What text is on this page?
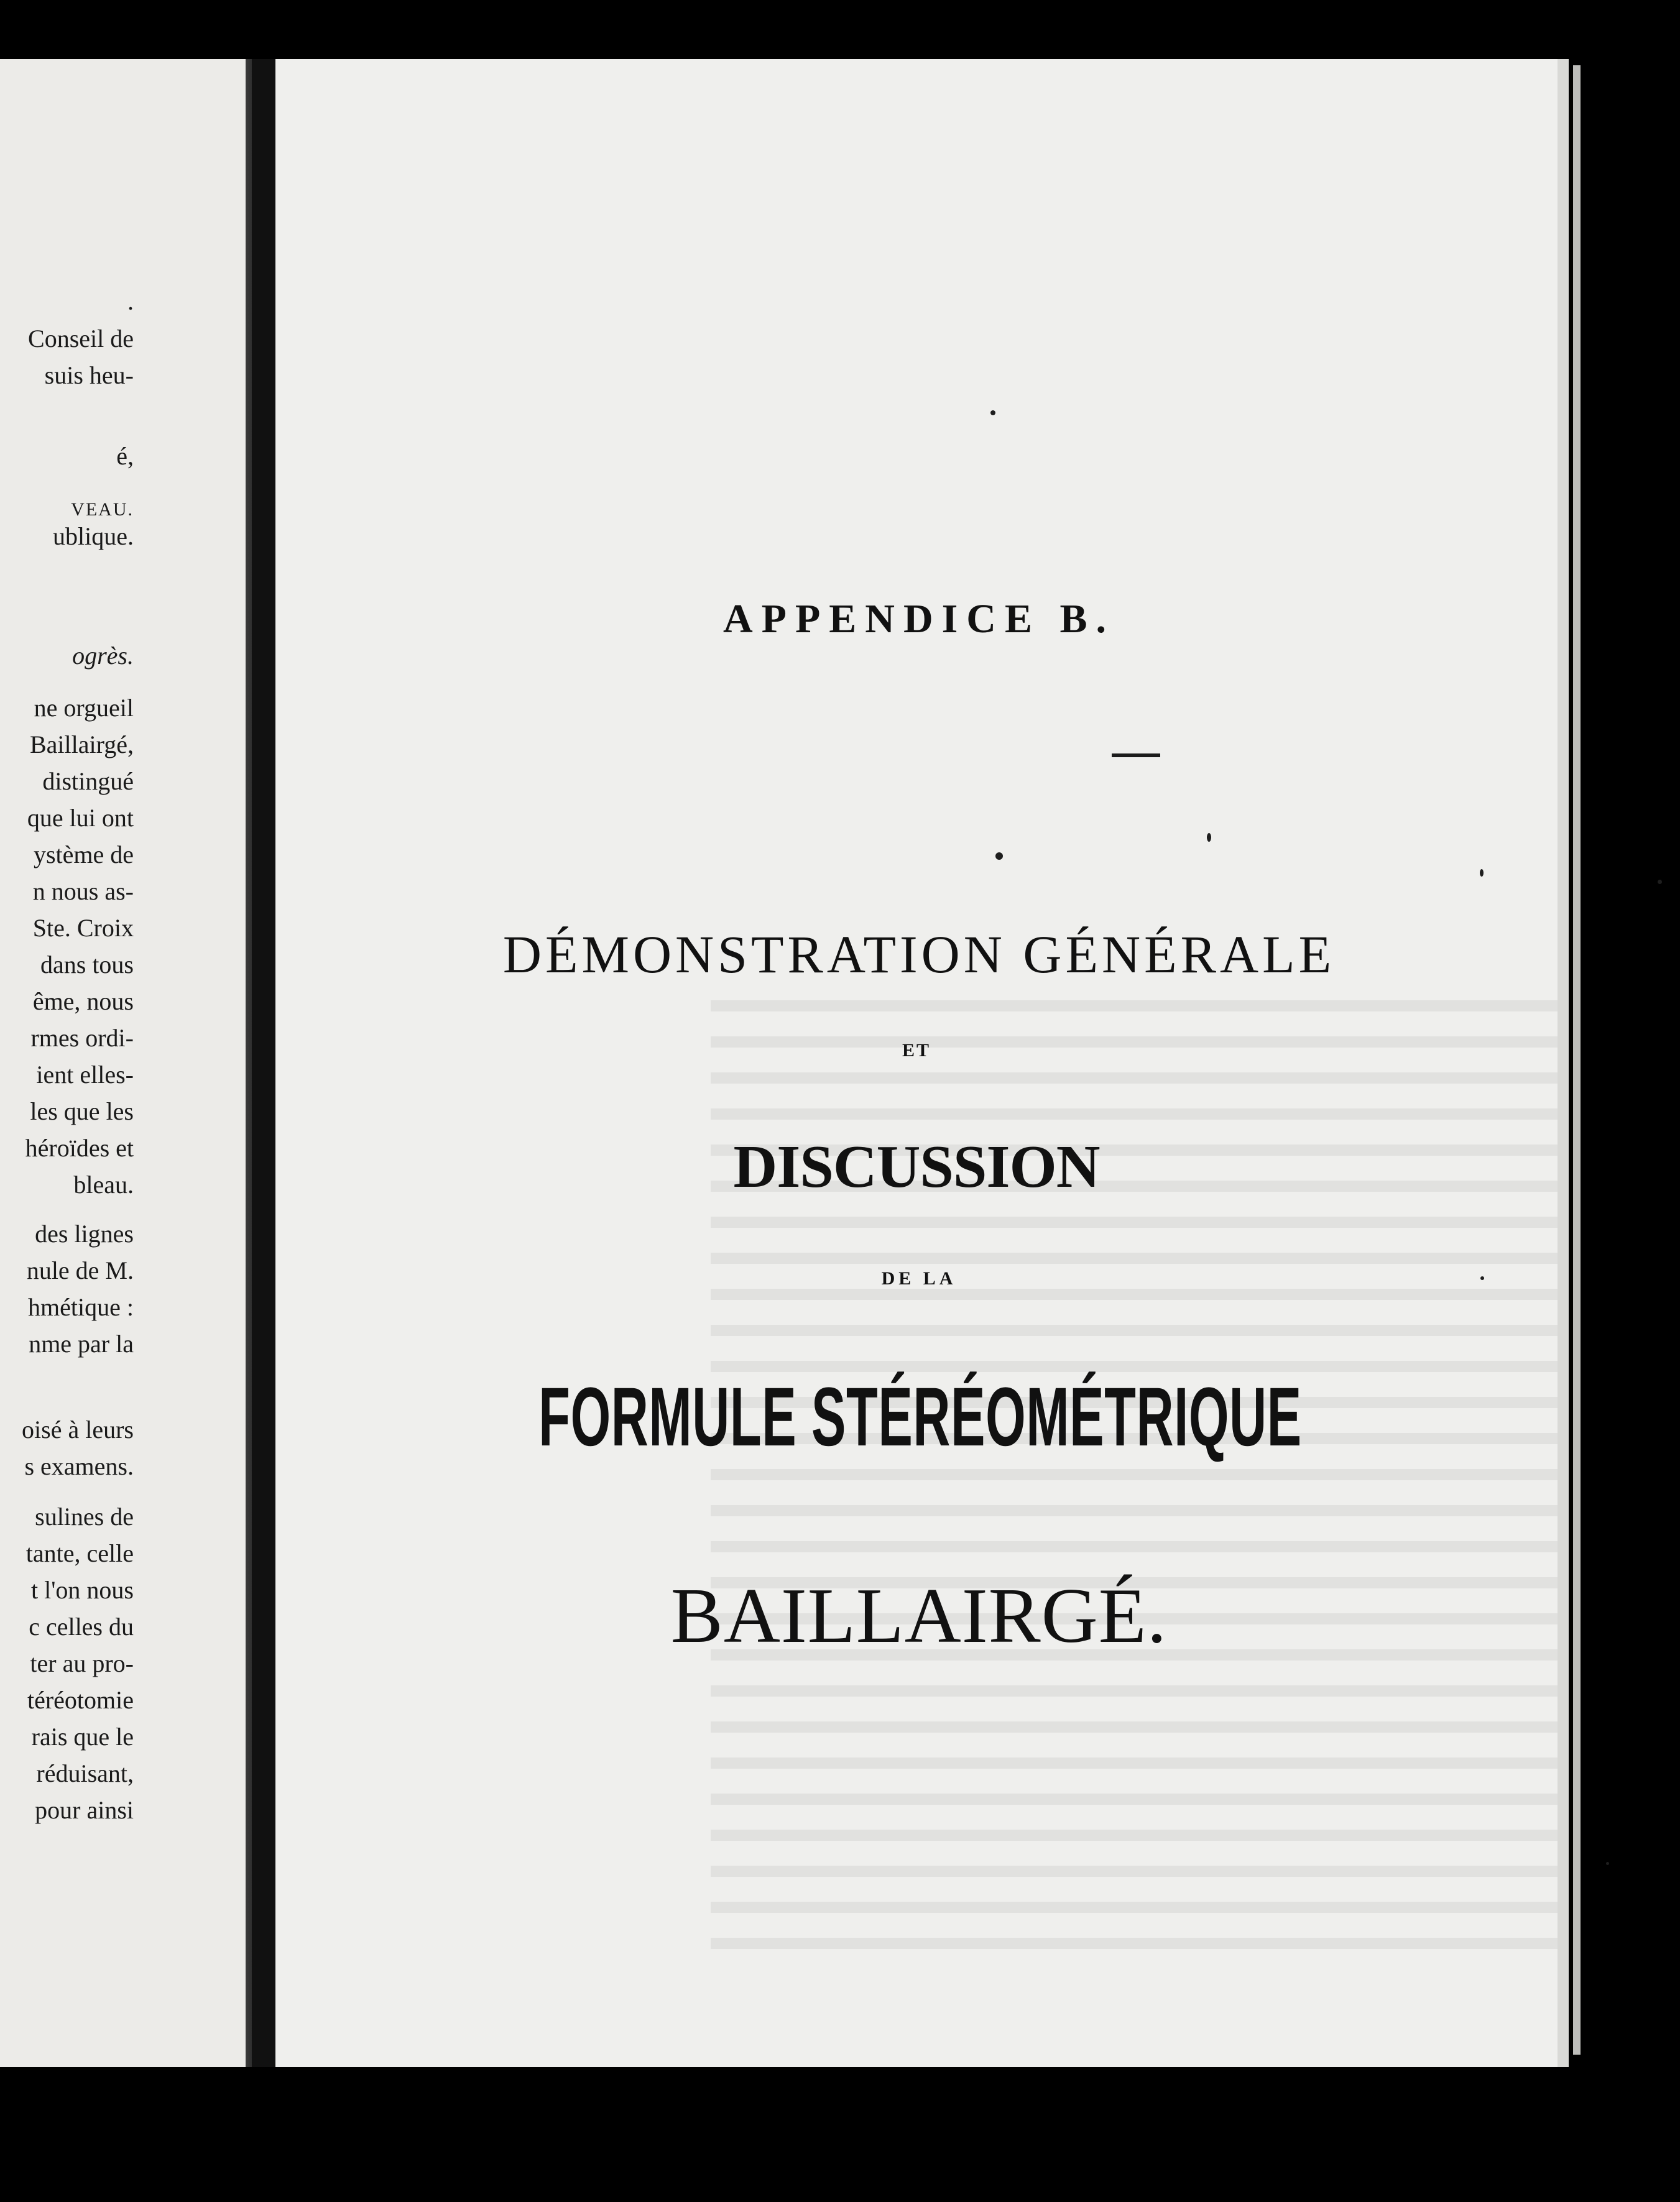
.
Conseil de
suis heu-
é,
VEAU.
ublique.
ogrès.
ne orgueil
Baillairgé,
distingué
que lui ont
ystème de
n nous as-
Ste. Croix
dans tous
ême, nous
rmes ordi-
ient elles-
les que les
héroïdes et
bleau.
des lignes
nule de M.
hmétique :
nme par la
oisé à leurs
s examens.
sulines de
tante, celle
t l'on nous
c celles du
ter au pro-
téréotomie
rais que le
réduisant,
pour ainsi
APPENDICE B.
DÉMONSTRATION GÉNÉRALE
ET
DISCUSSION
DE LA
FORMULE STÉRÉOMÉTRIQUE
BAILLAIRGÉ.
